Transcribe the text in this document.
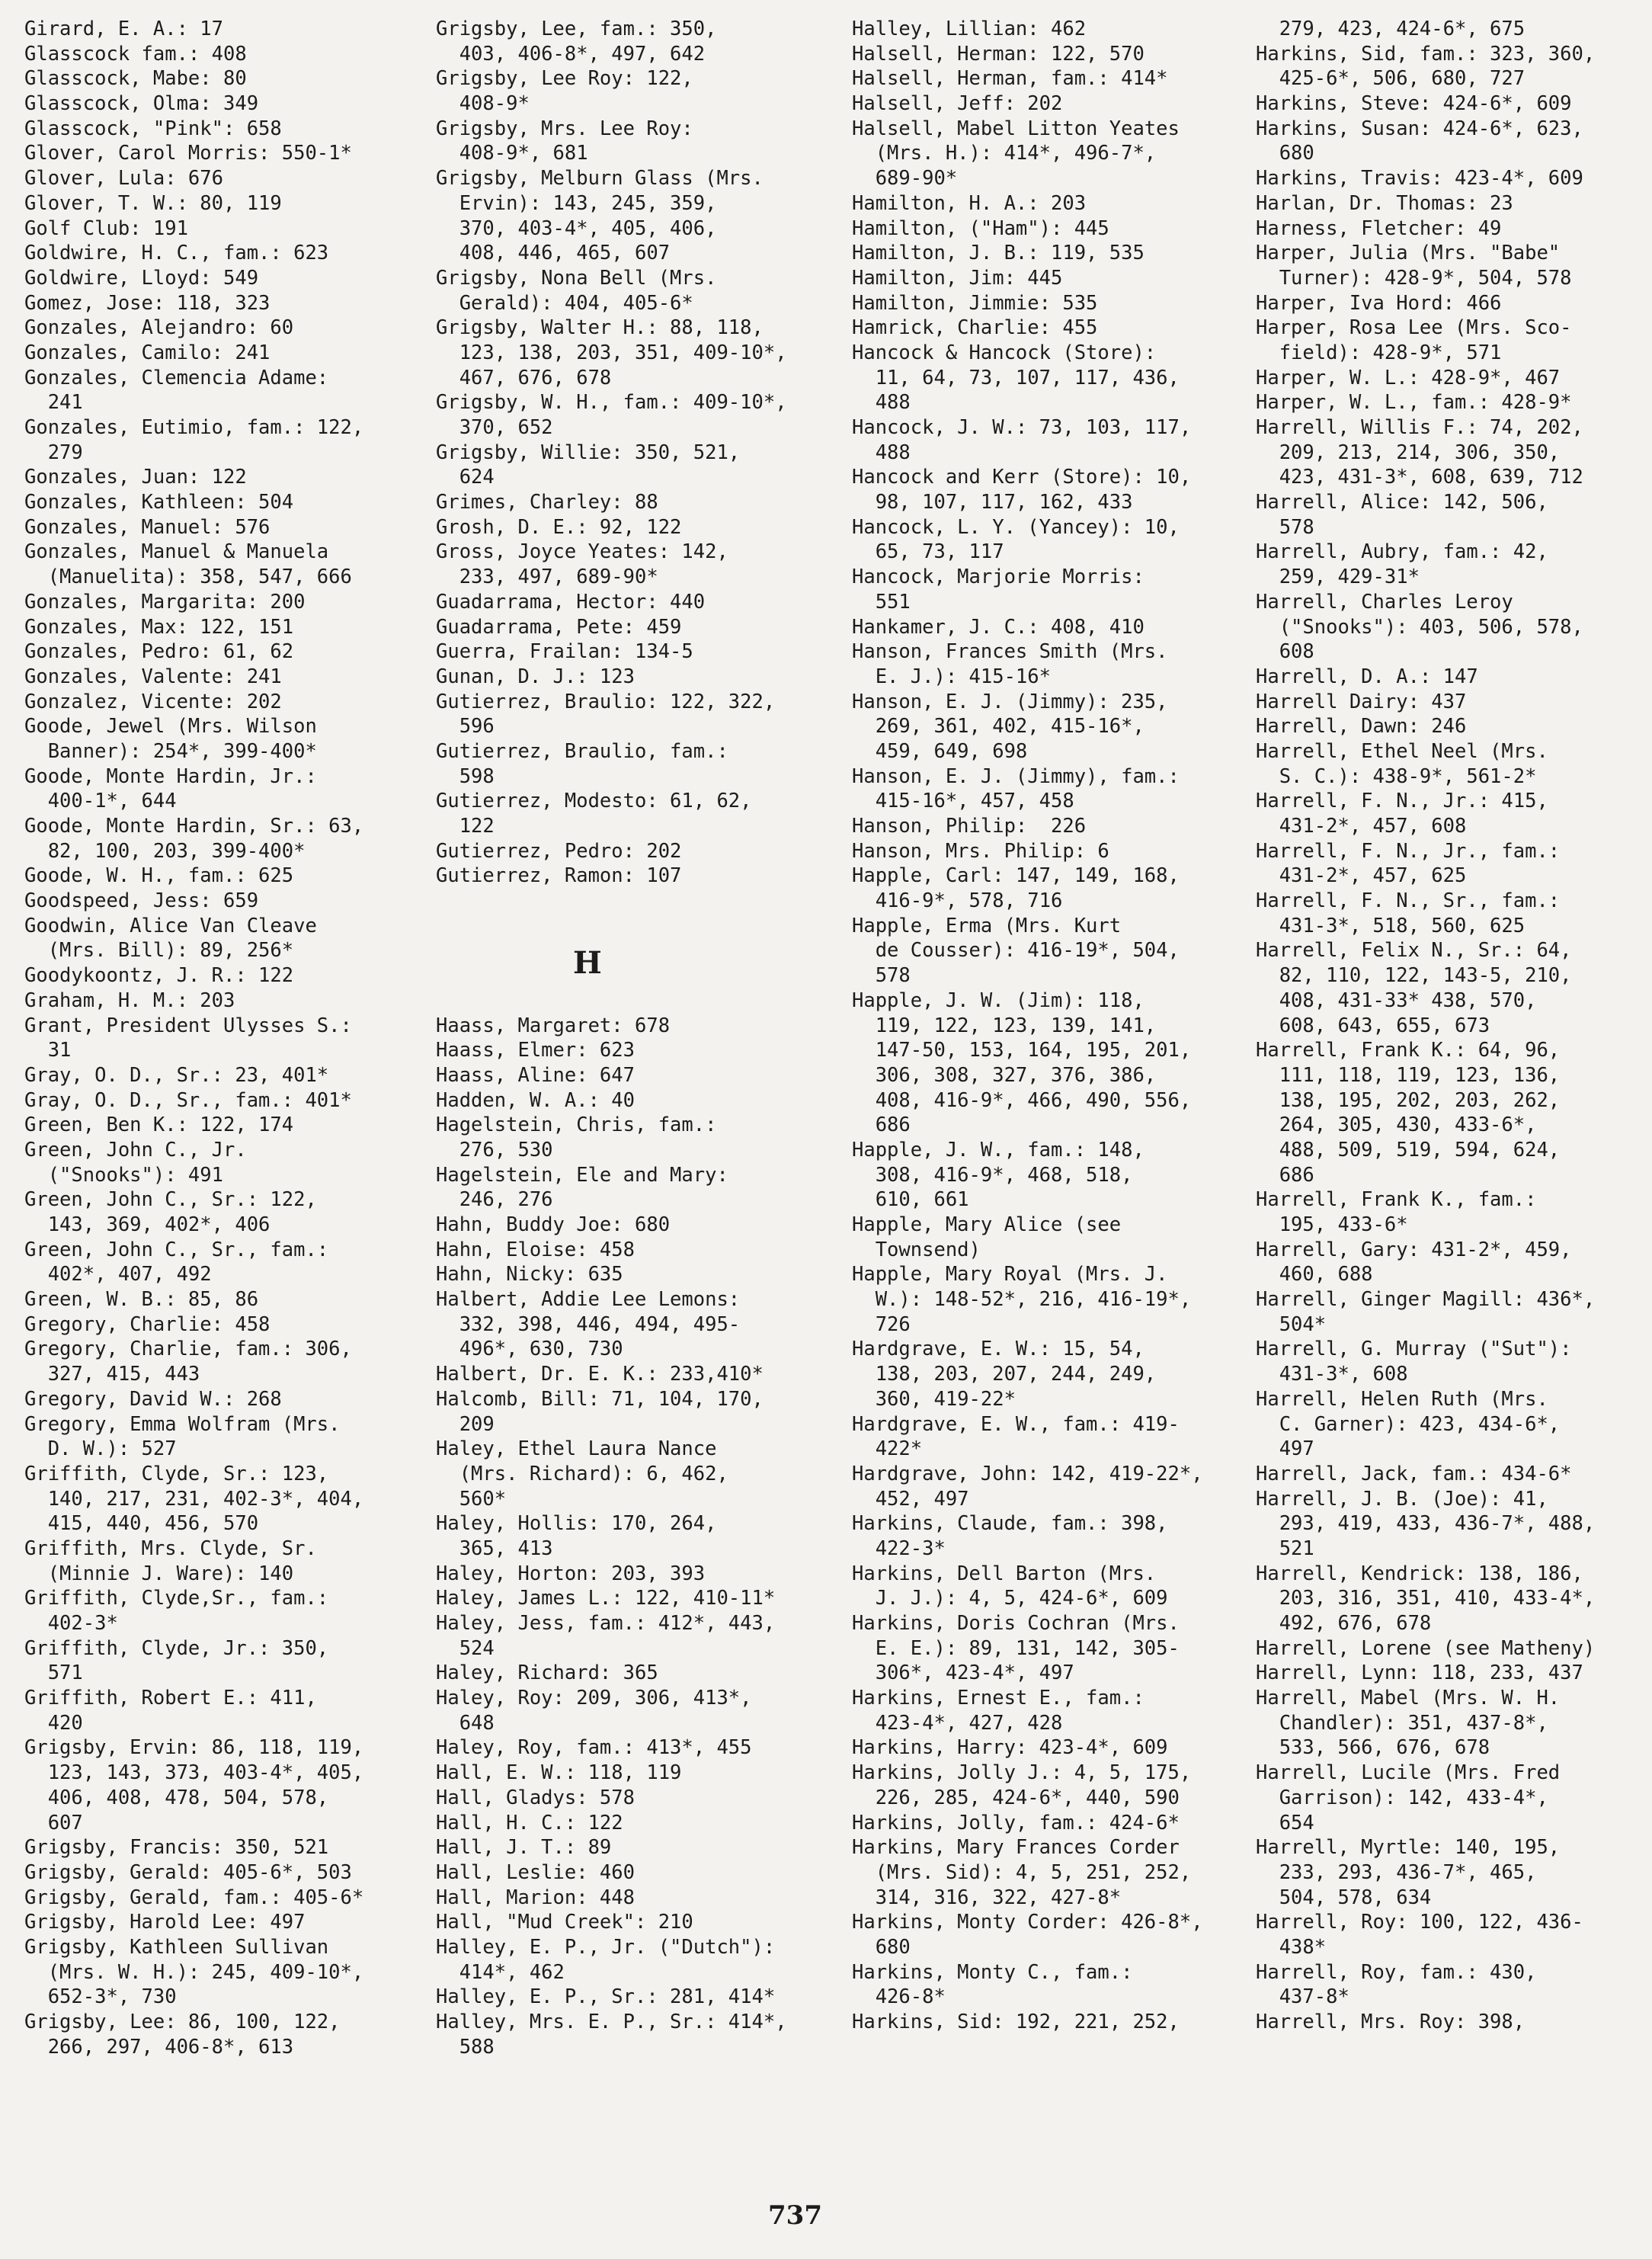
Girard, E. A.: 17
Glasscock fam.: 408
Glasscock, Mabe: 80
Glasscock, Olma: 349
Glasscock, "Pink": 658
Glover, Carol Morris: 550-1*
Glover, Lula: 676
Glover, T. W.: 80, 119
Golf Club: 191
Goldwire, H. C., fam.: 623
Goldwire, Lloyd: 549
Gomez, Jose: 118, 323
Gonzales, Alejandro: 60
Gonzales, Camilo: 241
Gonzales, Clemencia Adame:
241
Gonzales, Eutimio, fam.: 122,
279
Gonzales, Juan: 122
Gonzales, Kathleen: 504
Gonzales, Manuel: 576
Gonzales, Manuel & Manuela
(Manuelita): 358, 547, 666
Gonzales, Margarita: 200
Gonzales, Max: 122, 151
Gonzales, Pedro: 61, 62
Gonzales, Valente: 241
Gonzalez, Vicente: 202
Goode, Jewel (Mrs. Wilson
Banner): 254*, 399-400*
Goode, Monte Hardin, Jr.:
400-1*, 644
Goode, Monte Hardin, Sr.: 63,
82, 100, 203, 399-400*
Goode, W. H., fam.: 625
Goodspeed, Jess: 659
Goodwin, Alice Van Cleave
(Mrs. Bill): 89, 256*
Goodykoontz, J. R.: 122
Graham, H. M.: 203
Grant, President Ulysses S.:
31
Gray, O. D., Sr.: 23, 401*
Gray, O. D., Sr., fam.: 401*
Green, Ben K.: 122, 174
Green, John C., Jr.
("Snooks"): 491
Green, John C., Sr.: 122,
143, 369, 402*, 406
Green, John C., Sr., fam.:
402*, 407, 492
Green, W. B.: 85, 86
Gregory, Charlie: 458
Gregory, Charlie, fam.: 306,
327, 415, 443
Gregory, David W.: 268
Gregory, Emma Wolfram (Mrs.
D. W.): 527
Griffith, Clyde, Sr.: 123,
140, 217, 231, 402-3*, 404,
415, 440, 456, 570
Griffith, Mrs. Clyde, Sr.
(Minnie J. Ware): 140
Griffith, Clyde,Sr., fam.:
402-3*
Griffith, Clyde, Jr.: 350,
571
Griffith, Robert E.: 411,
420
Grigsby, Ervin: 86, 118, 119,
123, 143, 373, 403-4*, 405,
406, 408, 478, 504, 578,
607
Grigsby, Francis: 350, 521
Grigsby, Gerald: 405-6*, 503
Grigsby, Gerald, fam.: 405-6*
Grigsby, Harold Lee: 497
Grigsby, Kathleen Sullivan
(Mrs. W. H.): 245, 409-10*,
652-3*, 730
Grigsby, Lee: 86, 100, 122,
266, 297, 406-8*, 613
Grigsby, Lee, fam.: 350,
403, 406-8*, 497, 642
Grigsby, Lee Roy: 122,
408-9*
Grigsby, Mrs. Lee Roy:
408-9*, 681
Grigsby, Melburn Glass (Mrs.
Ervin): 143, 245, 359,
370, 403-4*, 405, 406,
408, 446, 465, 607
Grigsby, Nona Bell (Mrs.
Gerald): 404, 405-6*
Grigsby, Walter H.: 88, 118,
123, 138, 203, 351, 409-10*,
467, 676, 678
Grigsby, W. H., fam.: 409-10*,
370, 652
Grigsby, Willie: 350, 521,
624
Grimes, Charley: 88
Grosh, D. E.: 92, 122
Gross, Joyce Yeates: 142,
233, 497, 689-90*
Guadarrama, Hector: 440
Guadarrama, Pete: 459
Guerra, Frailan: 134-5
Gunan, D. J.: 123
Gutierrez, Braulio: 122, 322,
596
Gutierrez, Braulio, fam.:
598
Gutierrez, Modesto: 61, 62,
122
Gutierrez, Pedro: 202
Gutierrez, Ramon: 107
Haass, Margaret: 678
Haass, Elmer: 623
Haass, Aline: 647
Hadden, W. A.: 40
Hagelstein, Chris, fam.:
276, 530
Hagelstein, Ele and Mary:
246, 276
Hahn, Buddy Joe: 680
Hahn, Eloise: 458
Hahn, Nicky: 635
Halbert, Addie Lee Lemons:
332, 398, 446, 494, 495-
496*, 630, 730
Halbert, Dr. E. K.: 233,410*
Halcomb, Bill: 71, 104, 170,
209
Haley, Ethel Laura Nance
(Mrs. Richard): 6, 462,
560*
Haley, Hollis: 170, 264,
365, 413
Haley, Horton: 203, 393
Haley, James L.: 122, 410-11*
Haley, Jess, fam.: 412*, 443,
524
Haley, Richard: 365
Haley, Roy: 209, 306, 413*,
648
Haley, Roy, fam.: 413*, 455
Hall, E. W.: 118, 119
Hall, Gladys: 578
Hall, H. C.: 122
Hall, J. T.: 89
Hall, Leslie: 460
Hall, Marion: 448
Hall, "Mud Creek": 210
Halley, E. P., Jr. ("Dutch"):
414*, 462
Halley, E. P., Sr.: 281, 414*
Halley, Mrs. E. P., Sr.: 414*,
588
Halley, Lillian: 462
Halsell, Herman: 122, 570
Halsell, Herman, fam.: 414*
Halsell, Jeff: 202
Halsell, Mabel Litton Yeates
(Mrs. H.): 414*, 496-7*,
689-90*
Hamilton, H. A.: 203
Hamilton, ("Ham"): 445
Hamilton, J. B.: 119, 535
Hamilton, Jim: 445
Hamilton, Jimmie: 535
Hamrick, Charlie: 455
Hancock & Hancock (Store):
11, 64, 73, 107, 117, 436,
488
Hancock, J. W.: 73, 103, 117,
488
Hancock and Kerr (Store): 10,
98, 107, 117, 162, 433
Hancock, L. Y. (Yancey): 10,
65, 73, 117
Hancock, Marjorie Morris:
551
Hankamer, J. C.: 408, 410
Hanson, Frances Smith (Mrs.
E. J.): 415-16*
Hanson, E. J. (Jimmy): 235,
269, 361, 402, 415-16*,
459, 649, 698
Hanson, E. J. (Jimmy), fam.:
415-16*, 457, 458
Hanson, Philip:  226
Hanson, Mrs. Philip: 6
Happle, Carl: 147, 149, 168,
416-9*, 578, 716
Happle, Erma (Mrs. Kurt
de Cousser): 416-19*, 504,
578
Happle, J. W. (Jim): 118,
119, 122, 123, 139, 141,
147-50, 153, 164, 195, 201,
306, 308, 327, 376, 386,
408, 416-9*, 466, 490, 556,
686
Happle, J. W., fam.: 148,
308, 416-9*, 468, 518,
610, 661
Happle, Mary Alice (see
Townsend)
Happle, Mary Royal (Mrs. J.
W.): 148-52*, 216, 416-19*,
726
Hardgrave, E. W.: 15, 54,
138, 203, 207, 244, 249,
360, 419-22*
Hardgrave, E. W., fam.: 419-
422*
Hardgrave, John: 142, 419-22*,
452, 497
Harkins, Claude, fam.: 398,
422-3*
Harkins, Dell Barton (Mrs.
J. J.): 4, 5, 424-6*, 609
Harkins, Doris Cochran (Mrs.
E. E.): 89, 131, 142, 305-
306*, 423-4*, 497
Harkins, Ernest E., fam.:
423-4*, 427, 428
Harkins, Harry: 423-4*, 609
Harkins, Jolly J.: 4, 5, 175,
226, 285, 424-6*, 440, 590
Harkins, Jolly, fam.: 424-6*
Harkins, Mary Frances Corder
(Mrs. Sid): 4, 5, 251, 252,
314, 316, 322, 427-8*
Harkins, Monty Corder: 426-8*,
680
Harkins, Monty C., fam.:
426-8*
Harkins, Sid: 192, 221, 252,
279, 423, 424-6*, 675
Harkins, Sid, fam.: 323, 360,
425-6*, 506, 680, 727
Harkins, Steve: 424-6*, 609
Harkins, Susan: 424-6*, 623,
680
Harkins, Travis: 423-4*, 609
Harlan, Dr. Thomas: 23
Harness, Fletcher: 49
Harper, Julia (Mrs. "Babe"
Turner): 428-9*, 504, 578
Harper, Iva Hord: 466
Harper, Rosa Lee (Mrs. Sco-
field): 428-9*, 571
Harper, W. L.: 428-9*, 467
Harper, W. L., fam.: 428-9*
Harrell, Willis F.: 74, 202,
209, 213, 214, 306, 350,
423, 431-3*, 608, 639, 712
Harrell, Alice: 142, 506,
578
Harrell, Aubry, fam.: 42,
259, 429-31*
Harrell, Charles Leroy
("Snooks"): 403, 506, 578,
608
Harrell, D. A.: 147
Harrell Dairy: 437
Harrell, Dawn: 246
Harrell, Ethel Neel (Mrs.
S. C.): 438-9*, 561-2*
Harrell, F. N., Jr.: 415,
431-2*, 457, 608
Harrell, F. N., Jr., fam.:
431-2*, 457, 625
Harrell, F. N., Sr., fam.:
431-3*, 518, 560, 625
Harrell, Felix N., Sr.: 64,
82, 110, 122, 143-5, 210,
408, 431-33* 438, 570,
608, 643, 655, 673
Harrell, Frank K.: 64, 96,
111, 118, 119, 123, 136,
138, 195, 202, 203, 262,
264, 305, 430, 433-6*,
488, 509, 519, 594, 624,
686
Harrell, Frank K., fam.:
195, 433-6*
Harrell, Gary: 431-2*, 459,
460, 688
Harrell, Ginger Magill: 436*,
504*
Harrell, G. Murray ("Sut"):
431-3*, 608
Harrell, Helen Ruth (Mrs.
C. Garner): 423, 434-6*,
497
Harrell, Jack, fam.: 434-6*
Harrell, J. B. (Joe): 41,
293, 419, 433, 436-7*, 488,
521
Harrell, Kendrick: 138, 186,
203, 316, 351, 410, 433-4*,
492, 676, 678
Harrell, Lorene (see Matheny)
Harrell, Lynn: 118, 233, 437
Harrell, Mabel (Mrs. W. H.
Chandler): 351, 437-8*,
533, 566, 676, 678
Harrell, Lucile (Mrs. Fred
Garrison): 142, 433-4*,
654
Harrell, Myrtle: 140, 195,
233, 293, 436-7*, 465,
504, 578, 634
Harrell, Roy: 100, 122, 436-
438*
Harrell, Roy, fam.: 430,
437-8*
Harrell, Mrs. Roy: 398,
H
737
